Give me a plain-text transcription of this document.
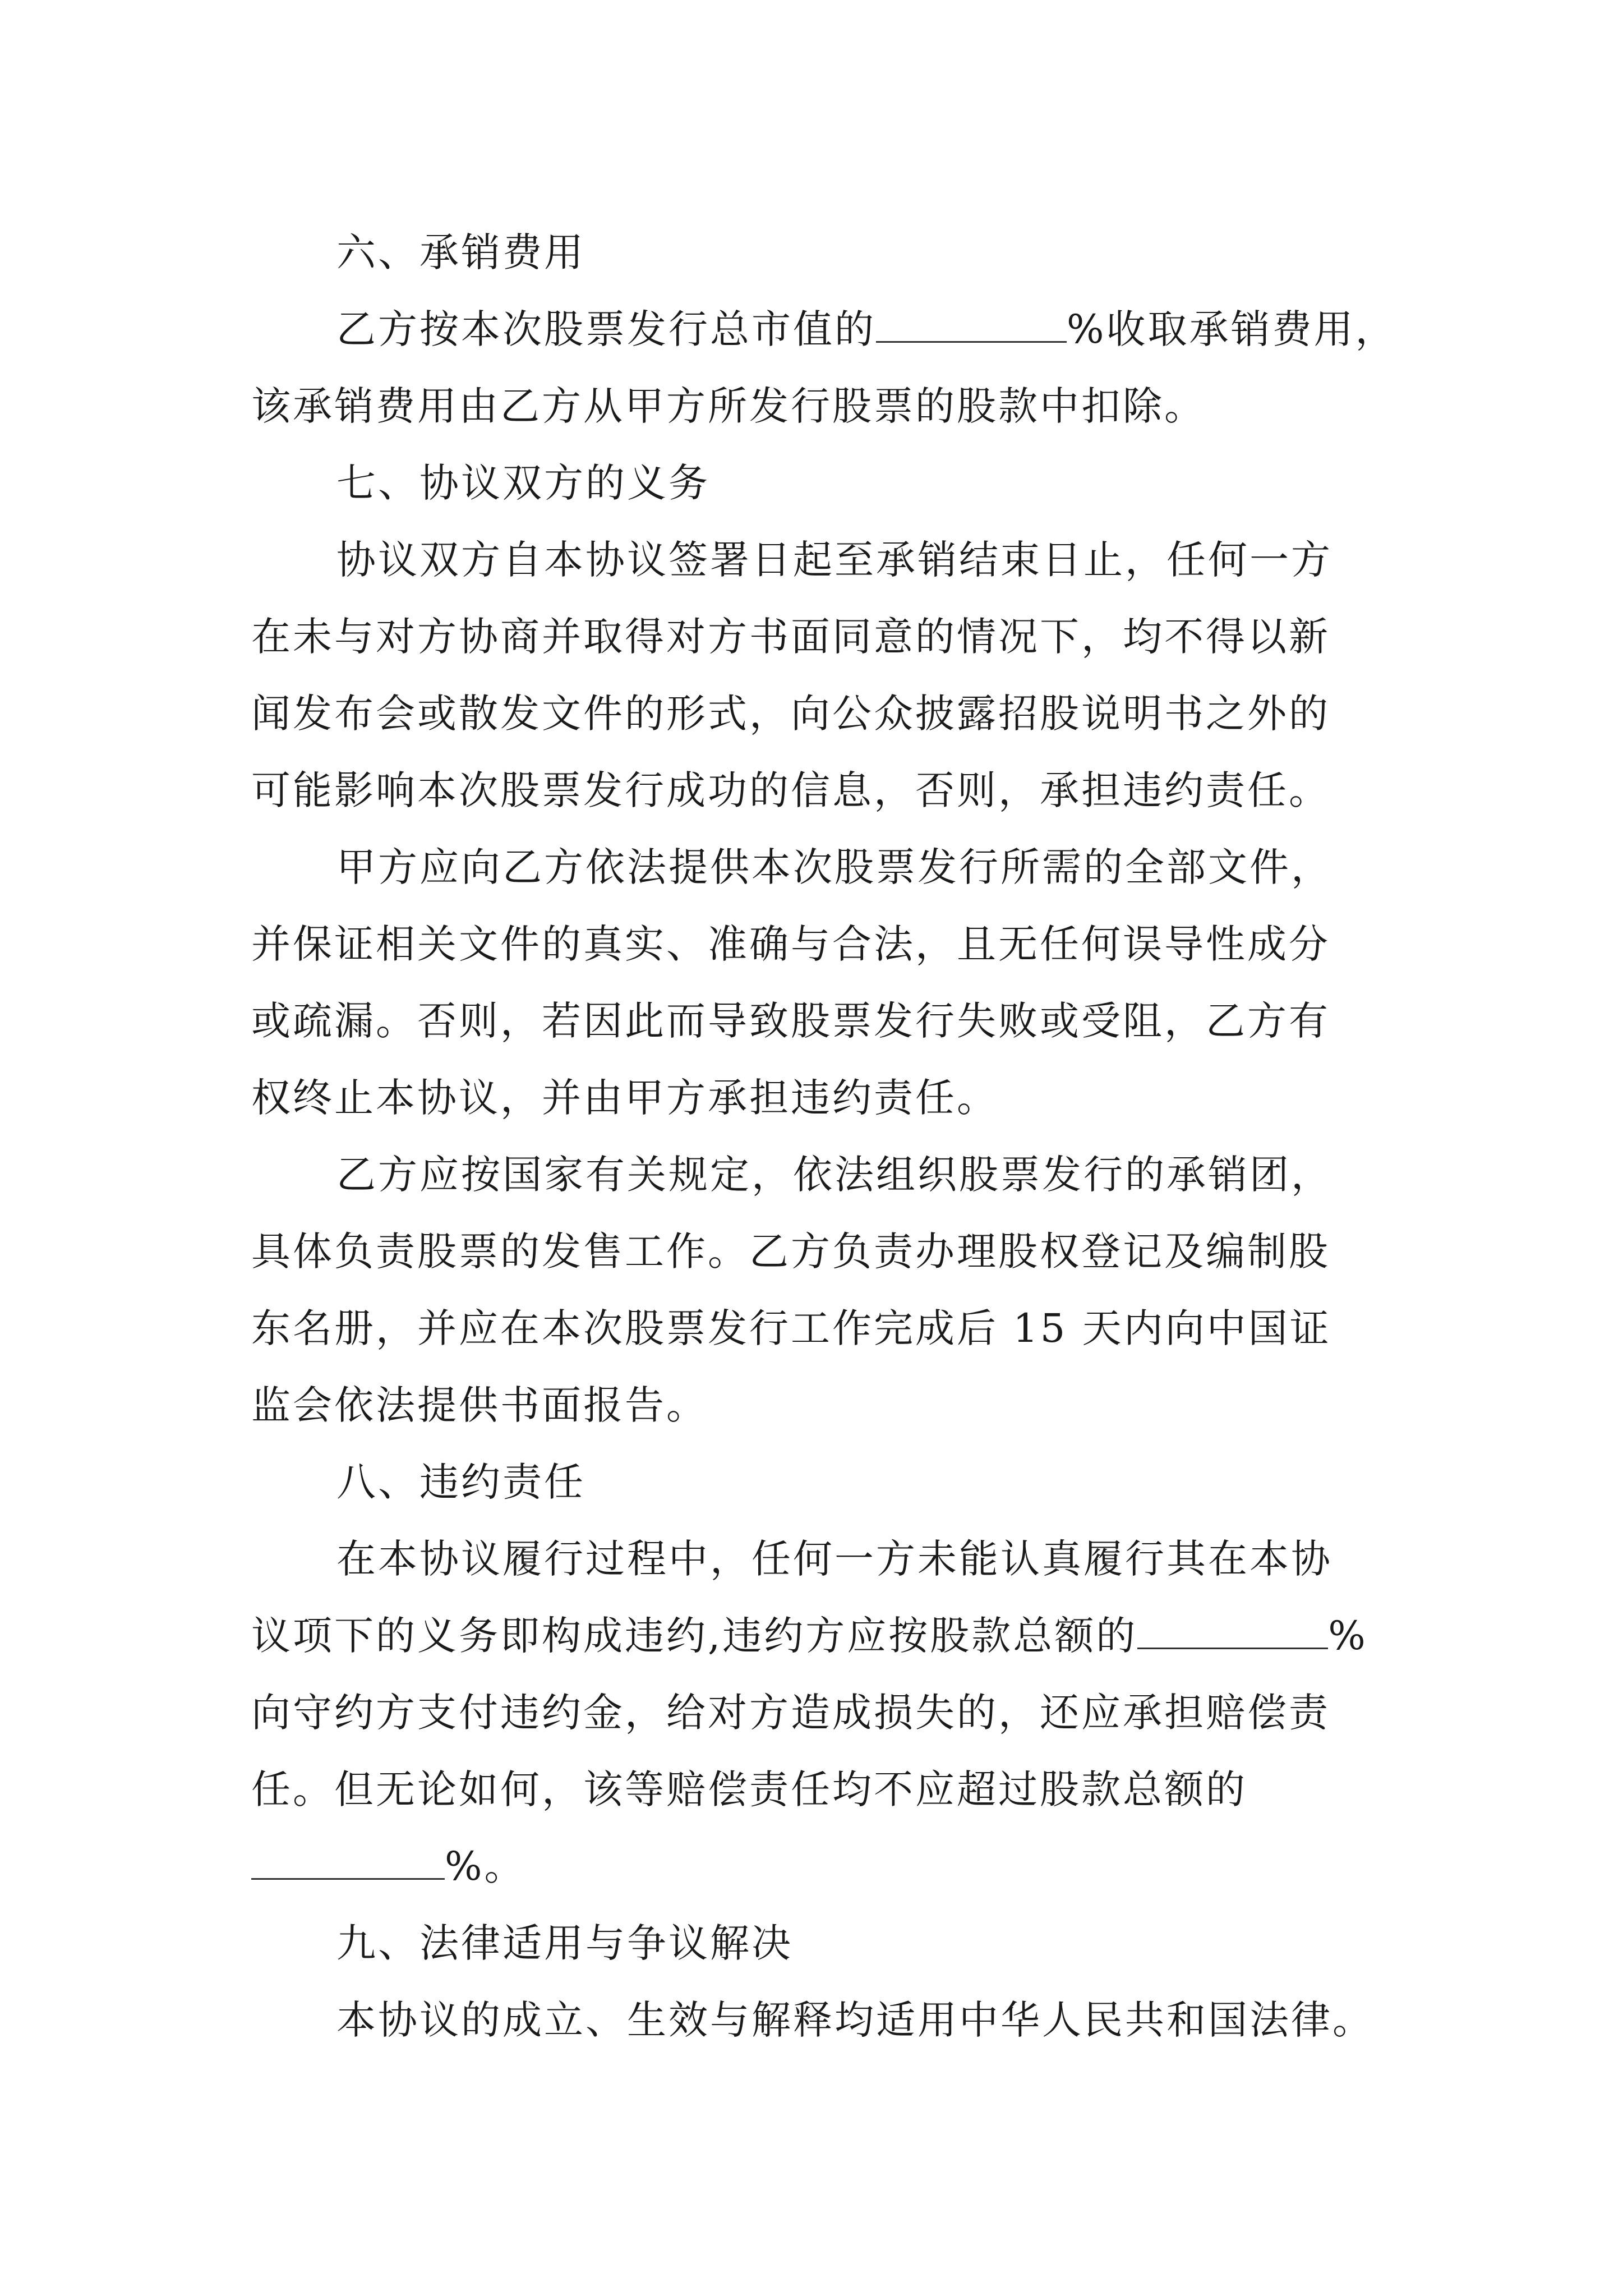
六、承销费用
乙方按本次股票发行总市值的	%收取承销费用，
该承销费用由乙方从甲方所发行股票的股款中扣除。
七、协议双方的义务
协议双方自本协议签署日起至承销结束日止，任何一方
在未与对方协商并取得对方书面同意的情况下，均不得以新
闻发布会或散发文件的形式，向公众披露招股说明书之外的
可能影响本次股票发行成功的信息，否则，承担违约责任。
甲方应向乙方依法提供本次股票发行所需的全部文件，
并保证相关文件的真实、准确与合法，且无任何误导性成分
或疏漏。否则，若因此而导致股票发行失败或受阻，乙方有
权终止本协议，并由甲方承担违约责任。
乙方应按国家有关规定，依法组织股票发行的承销团，
具体负责股票的发售工作。乙方负责办理股权登记及编制股
东名册，并应在本次股票发行工作完成后 15 天内向中国证
监会依法提供书面报告。
八、违约责任
在本协议履行过程中，任何一方未能认真履行其在本协
议项下的义务即构成违约,违约方应按股款总额的	%
向守约方支付违约金，给对方造成损失的，还应承担赔偿责
任。但无论如何，该等赔偿责任均不应超过股款总额的
%。
九、法律适用与争议解决
本协议的成立、生效与解释均适用中华人民共和国法律。
